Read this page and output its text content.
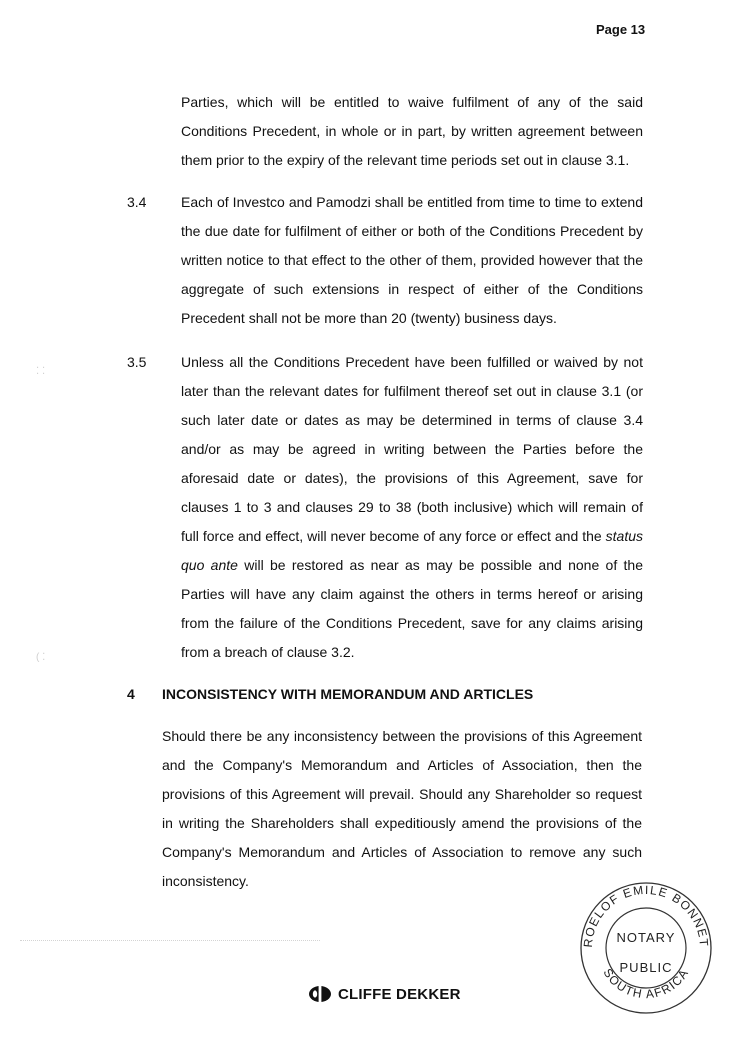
Page 13
Parties, which will be entitled to waive fulfilment of any of the said
Conditions Precedent, in whole or in part, by written agreement between
them prior to the expiry of the relevant time periods set out in clause 3.1.
3.4 Each of Investco and Pamodzi shall be entitled from time to time to extend the due date for fulfilment of either or both of the Conditions Precedent by written notice to that effect to the other of them, provided however that the aggregate of such extensions in respect of either of the Conditions Precedent shall not be more than 20 (twenty) business days.

3.5 Unless all the Conditions Precedent have been fulfilled or waived by not later than the relevant dates for fulfilment thereof set out in clause 3.1 (or such later date or dates as may be determined in terms of clause 3.4 and/or as may be agreed in writing between the Parties before the aforesaid date or dates), the provisions of this Agreement, save for clauses 1 to 3 and clauses 29 to 38 (both inclusive) which will remain of full force and effect, will never become of any force or effect and the status quo ante will be restored as near as may be possible and none of the Parties will have any claim against the others in terms hereof or arising from the failure of the Conditions Precedent, save for any claims arising from a breach of clause 3.2.

4 INCONSISTENCY WITH MEMORANDUM AND ARTICLES

Should there be any inconsistency between the provisions of this Agreement and the Company's Memorandum and Articles of Association, then the provisions of this Agreement will prevail. Should any Shareholder so request in writing the Shareholders shall expeditiously amend the provisions of the Company's Memorandum and Articles of Association to remove any such inconsistency.

⁚ ⁚
( ⁚
CLIFFE DEKKER
ROELOF EMILE BONNET
SOUTH AFRICA
NOTARY
PUBLIC
